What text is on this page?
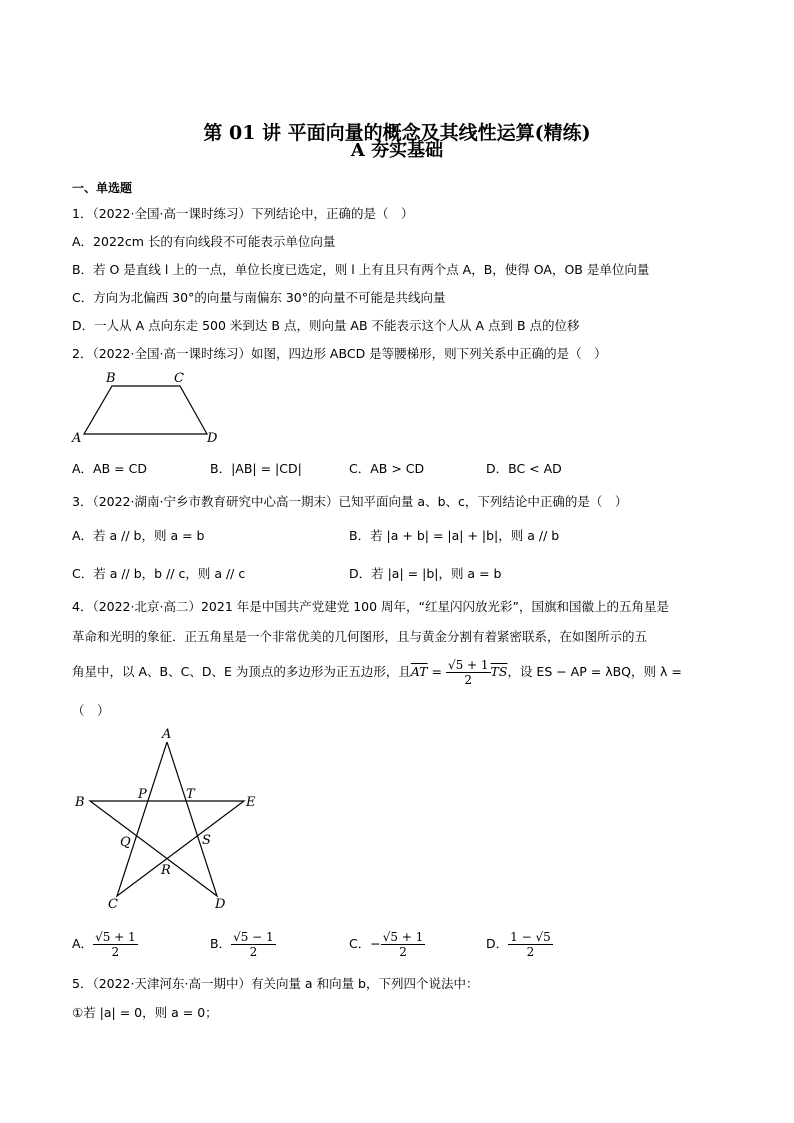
第 01 讲 平面向量的概念及其线性运算(精练)
A 夯实基础
一、单选题
1．（2022·全国·高一课时练习）下列结论中，正确的是（　）
A．2022cm 长的有向线段不可能表示单位向量
B．若 O 是直线 l 上的一点，单位长度已选定，则 l 上有且只有两个点 A，B，使得 OA，OB 是单位向量
C．方向为北偏西 30°的向量与南偏东 30°的向量不可能是共线向量
D．一人从 A 点向东走 500 米到达 B 点，则向量 AB 不能表示这个人从 A 点到 B 点的位移
2．（2022·全国·高一课时练习）如图，四边形 ABCD 是等腰梯形，则下列关系中正确的是（　）
B	C
A	D
A．AB = CD	B．|AB| = |CD|	C．AB > CD	D．BC < AD
3．（2022·湖南·宁乡市教育研究中心高一期末）已知平面向量 a、b、c，下列结论中正确的是（　）
A．若 a // b，则 a = b	B．若 |a + b| = |a| + |b|，则 a // b
C．若 a // b，b // c，则 a // c	D．若 |a| = |b|，则 a = b
4．（2022·北京·高二）2021 年是中国共产党建党 100 周年，“红星闪闪放光彩”，国旗和国徽上的五角星是
革命和光明的象征．正五角星是一个非常优美的几何图形，且与黄金分割有着紧密联系，在如图所示的五
角星中，以 A、B、C、D、E 为顶点的多边形为正五边形，且$\overline{AT} = \frac{√5 + 1}{2} \overline{TS}$，设 ES − AP = λBQ，则 λ =
（　）
A
B
P	T
E
Q	S
R
C	D
A． $\frac{√5 + 1}{2}$	B． $\frac{√5 - 1}{2}$	C．− $\frac{√5 + 1}{2}$	D． $\frac{1 - √5}{2}$
5．（2022·天津河东·高一期中）有关向量 a 和向量 b，下列四个说法中：
①若 |a| = 0，则 a = 0；
